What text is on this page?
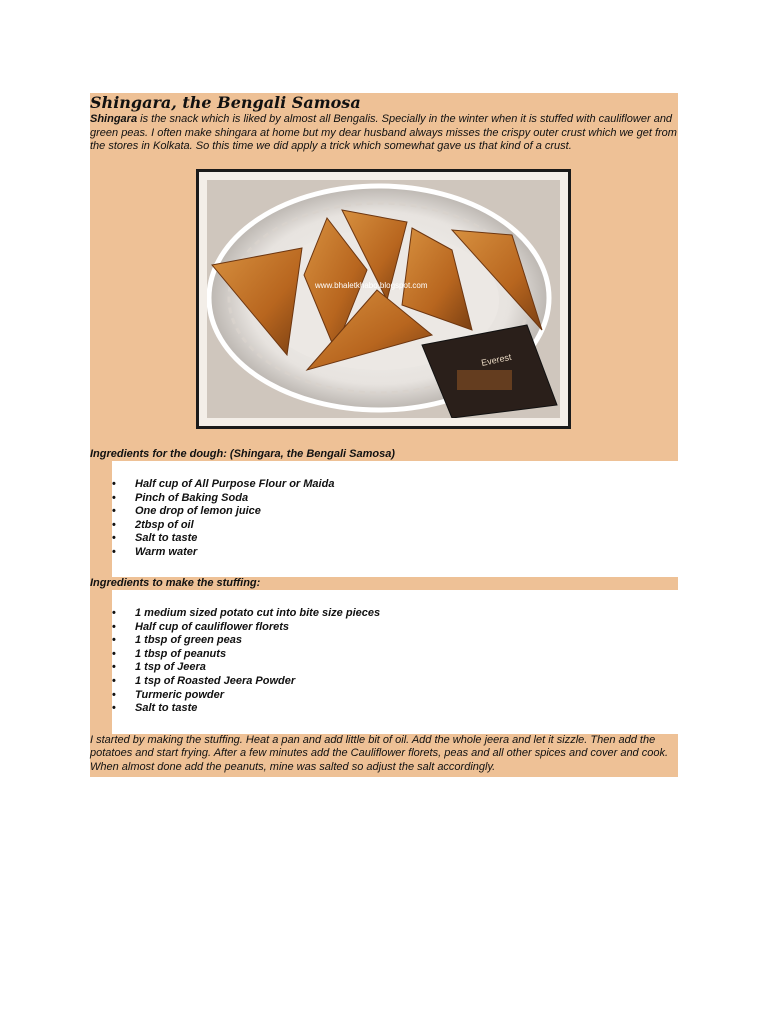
Shingara, the Bengali Samosa

Shingara is the snack which is liked by almost all Bengalis. Specially in the winter when it is stuffed with cauliflower and green peas. I often make shingara at home but my dear husband always misses the crispy outer crust which we get from the stores in Kolkata. So this time we did apply a trick which somewhat gave us that kind of a crust.

Everest
www.bhaletkhabo.blogspot.com
Ingredients for the dough: (Shingara, the Bengali Samosa)
• Half cup of All Purpose Flour or Maida
• Pinch of Baking Soda
• One drop of lemon juice
• 2tbsp of oil
• Salt to taste
• Warm water
Ingredients to make the stuffing:
• 1 medium sized potato cut into bite size pieces
• Half cup of cauliflower florets
• 1 tbsp of green peas
• 1 tbsp of peanuts
• 1 tsp of Jeera
• 1 tsp of Roasted Jeera Powder
• Turmeric powder
• Salt to taste

I started by making the stuffing. Heat a pan and add little bit of oil. Add the whole jeera and let it sizzle. Then add the potatoes and start frying. After a few minutes add the Cauliflower florets, peas and all other spices and cover and cook. When almost done add the peanuts, mine was salted so adjust the salt accordingly.
